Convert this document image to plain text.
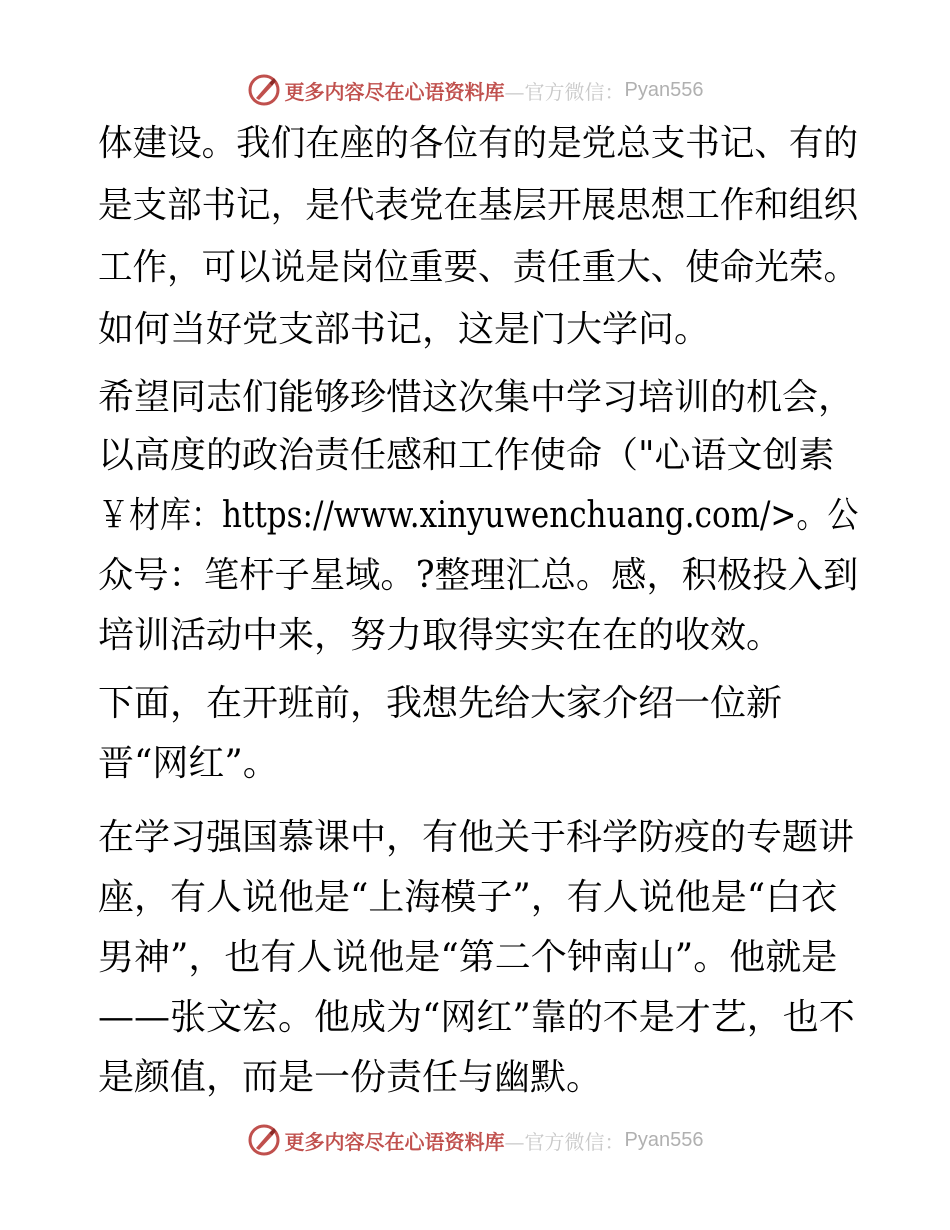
更多内容尽在心语资料库 —官方微信： Pyan556
体建设。我们在座的各位有的是党总支书记、有的
是支部书记，是代表党在基层开展思想工作和组织
工作，可以说是岗位重要、责任重大、使命光荣。
如何当好党支部书记，这是门大学问。
希望同志们能够珍惜这次集中学习培训的机会，
以高度的政治责任感和工作使命（"心语文创素
￥材库：https://www.xinyuwenchuang.com/>。公
众号：笔杆子星域。?整理汇总。感，积极投入到
培训活动中来，努力取得实实在在的收效。
下面，在开班前，我想先给大家介绍一位新
晋“网红”。
在学习强国慕课中，有他关于科学防疫的专题讲
座，有人说他是“上海模子”，有人说他是“白衣
男神”，也有人说他是“第二个钟南山”。他就是
——张文宏。他成为“网红”靠的不是才艺，也不
是颜值，而是一份责任与幽默。
更多内容尽在心语资料库 —官方微信： Pyan556
